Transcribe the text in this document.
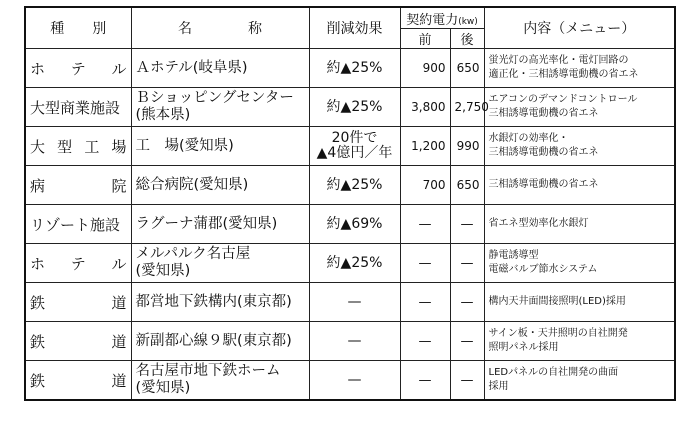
種　　別	名　　　　称	削減効果	契約電力(kw)		内容（メニュー）
			前	後	

ホ テ ル	Ａホテル(岐阜県)	約▲25%	900	650	蛍光灯の高光率化・電灯回路の
適正化・三相誘導電動機の省エネ

大型商業施設	Ｂショッピングセンター
(熊本県)	約▲25%	3,800	2,750	エアコンのデマンドコントロール
三相誘導電動機の省エネ

大 型 工 場	工　場(愛知県)	20件で
▲4億円／年	1,200	990	水銀灯の効率化・
三相誘導電動機の省エネ

病 院	総合病院(愛知県)	約▲25%	700	650	三相誘導電動機の省エネ

リゾート施設	ラグーナ蒲郡(愛知県)	約▲69%	—	—	省エネ型効率化水銀灯

ホ テ ル	メルパルク名古屋
(愛知県)	約▲25%	—	—	静電誘導型
電磁バルブ節水システム

鉄 道	都営地下鉄構内(東京都)	—	—	—	構内天井面間接照明(LED)採用

鉄 道	新副都心線９駅(東京都)	—	—	—	サイン板・天井照明の自社開発
照明パネル採用

鉄 道	名古屋市地下鉄ホーム
(愛知県)	—	—	—	LEDパネルの自社開発の曲面
採用
